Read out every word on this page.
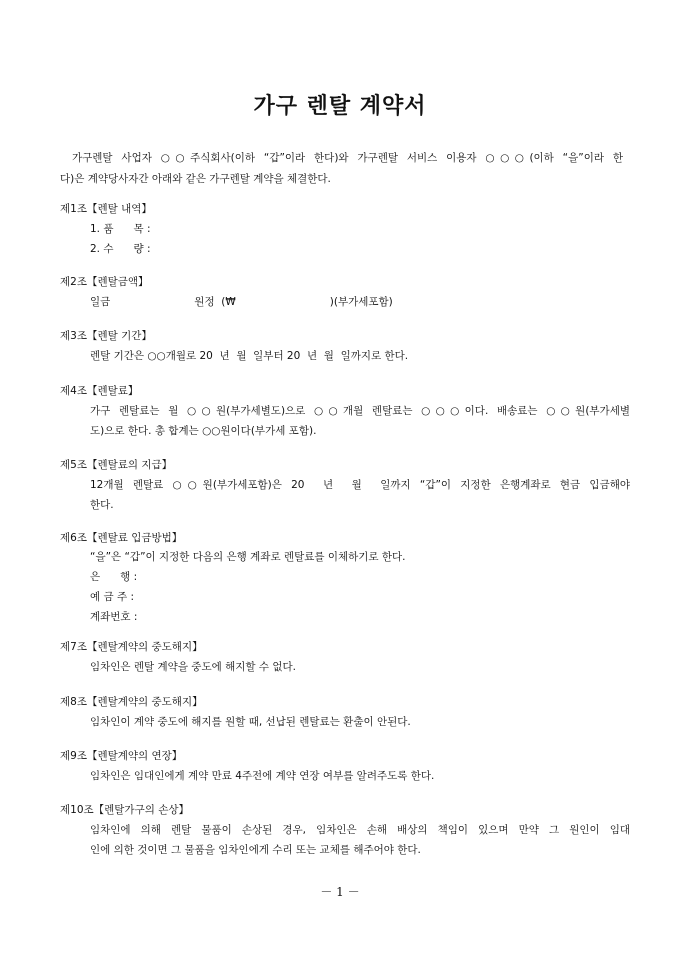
가구 렌탈 계약서
가구렌탈 사업자 ○○주식회사(이하 “갑”이라 한다)와 가구렌탈 서비스 이용자 ○○○(이하 “을”이라 한
다)은 계약당사자간 아래와 같은 가구렌탈 계약을 체결한다.
제1조【렌탈 내역】
1. 품      목 :
2. 수      량 :
제2조【렌탈금액】
일금	원정  (₩	)(부가세포함)
제3조【렌탈 기간】
렌탈 기간은 ○○개월로 20  년  월  일부터 20  년  월  일까지로 한다.
제4조【렌탈료】
가구 렌탈료는 월 ○○원(부가세별도)으로 ○○개월 렌탈료는 ○○○이다. 배송료는 ○○원(부가세별
도)으로 한다. 총 합계는 ○○원이다(부가세 포함).
제5조【렌탈료의 지급】
12개월 렌탈료 ○○원(부가세포함)은 20  년  월  일까지 “갑”이 지정한 은행계좌로 현금 입금해야
한다.
제6조【렌탈료 입금방법】
“을”은 “갑”이 지정한 다음의 은행 계좌로 렌탈료를 이체하기로 한다.
은      행 :
예 금 주 :
계좌번호 :
제7조【렌탈계약의 중도해지】
임차인은 렌탈 계약을 중도에 해지할 수 없다.
제8조【렌탈계약의 중도해지】
임차인이 계약 중도에 해지를 원할 때, 선납된 렌탈료는 환출이 안된다.
제9조【렌탈계약의 연장】
임차인은 임대인에게 계약 만료 4주전에 계약 연장 여부를 알려주도록 한다.
제10조【렌탈가구의 손상】
임차인에 의해 렌탈 물품이 손상된 경우, 임차인은 손해 배상의 책임이 있으며 만약 그 원인이 임대
인에 의한 것이면 그 물품을 임차인에게 수리 또는 교체를 해주어야 한다.
－ 1 －
